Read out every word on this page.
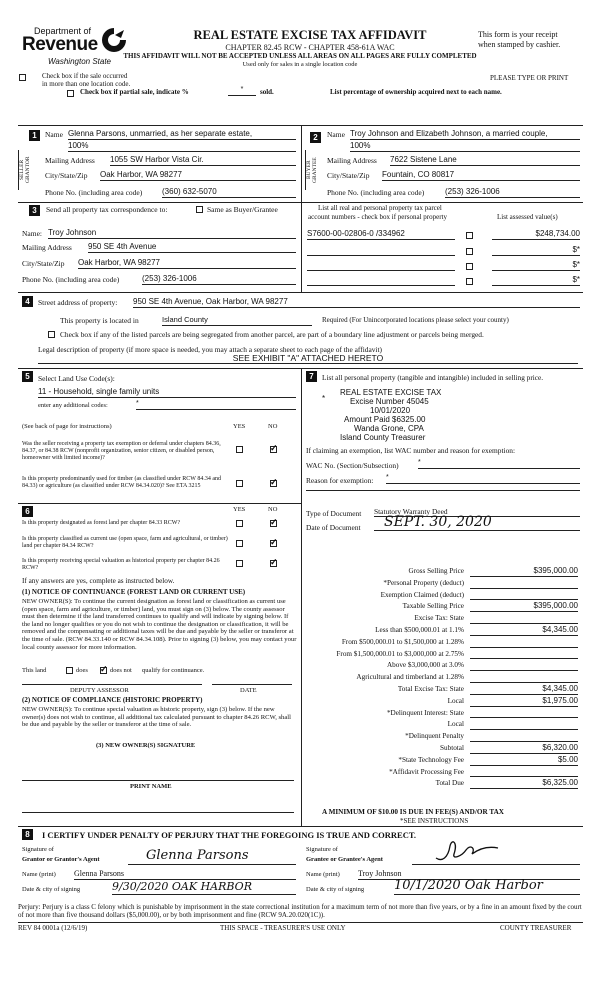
Department of
Revenue
Washington State
REAL ESTATE EXCISE TAX AFFIDAVIT
CHAPTER 82.45 RCW - CHAPTER 458-61A WAC
This form is your receipt
when stamped by cashier.
THIS AFFIDAVIT WILL NOT BE ACCEPTED UNLESS ALL AREAS ON ALL PAGES ARE FULLY COMPLETED
Used only for sales in a single location code
Check box if the sale occurred
in more than one location code.
PLEASE TYPE OR PRINT
Check box if partial sale, indicate %	*	sold.	List percentage of ownership acquired next to each name.
1
SELLER GRANTOR
Name Glenna Parsons, unmarried, as her separate estate,
100%
Mailing Address 1055 SW Harbor Vista Cir.
City/State/Zip Oak Harbor, WA 98277
Phone No. (including area code) (360) 632-5070
2
BUYER GRANTEE
Name Troy Johnson and Elizabeth Johnson, a married couple,
100%
Mailing Address 7622 Sistene Lane
City/State/Zip Fountain, CO 80817
Phone No. (including area code)	(253) 326-1006
3	Send all property tax correspondence to:	Same as Buyer/Grantee
Name: Troy Johnson
Mailing Address 950 SE 4th Avenue
City/State/Zip Oak Harbor, WA 98277
Phone No. (including area code)	(253) 326-1006
List all real and personal property tax parcel
account numbers - check box if personal property	List assessed value(s)
S7600-00-02806-0 /334962	$248,734.00
$*
$*
$*
4	Street address of property: 950 SE 4th Avenue, Oak Harbor, WA 98277
This property is located in	Island County	Required (For Unincorporated locations please select your county)
Check box if any of the listed parcels are being segregated from another parcel, are part of a boundary line adjustment or parcels being merged.
Legal description of property (if more space is needed, you may attach a separate sheet to each page of the affidavit)
SEE EXHIBIT "A" ATTACHED HERETO
5	Select Land Use Code(s):
11 - Household, single family units
enter any additional codes:	*
(See back of page for instructions)	YES	NO
Was the seller receiving a property tax exemption or deferral under chapters 84.36, 84.37, or 84.38 RCW (nonprofit organization, senior citizen, or disabled person, homeowner with limited income)?
✓
Is this property predominantly used for timber (as classified under RCW 84.34 and 84.33) or agriculture (as classified under RCW 84.34.020)? See ETA 3215
✓
6	YES	NO
Is this property designated as forest land per chapter 84.33 RCW?
✓
Is this property classified as current use (open space, farm and agricultural, or timber) land per chapter 84.34 RCW?
✓
Is this property receiving special valuation as historical property per chapter 84.26 RCW?
✓
If any answers are yes, complete as instructed below.
(1) NOTICE OF CONTINUANCE (FOREST LAND OR CURRENT USE)
NEW OWNER(S): To continue the current designation as forest land or classification as current use (open space, farm and agriculture, or timber) land, you must sign on (3) below. The county assessor must then determine if the land transferred continues to qualify and will indicate by signing below. If the land no longer qualifies or you do not wish to continue the designation or classification, it will be removed and the compensating or additional taxes will be due and payable by the seller or transferor at the time of sale. (RCW 84.33.140 or RCW 84.34.108). Prior to signing (3) below, you may contact your local county assessor for more information.
This land	does
✓	does not qualify for continuance.
DEPUTY ASSESSOR	DATE
(2) NOTICE OF COMPLIANCE (HISTORIC PROPERTY)
NEW OWNER(S): To continue special valuation as historic property, sign (3) below. If the new owner(s) does not wish to continue, all additional tax calculated pursuant to chapter 84.26 RCW, shall be due and payable by the seller or transferor at the time of sale.
(3) NEW OWNER(S) SIGNATURE
PRINT NAME
7	List all personal property (tangible and intangible) included in selling price.
*
REAL ESTATE EXCISE TAX
Excise Number 45045
10/01/2020
Amount Paid $6325.00
Wanda Grone, CPA
Island County Treasurer
If claiming an exemption, list WAC number and reason for exemption:
WAC No. (Section/Subsection)	*
Reason for exemption: *
Type of Document Statutory Warranty Deed
Date of Document	SEPT. 30, 2020
Gross Selling Price	$395,000.00
*Personal Property (deduct)
Exemption Claimed (deduct)
Taxable Selling Price	$395,000.00
Excise Tax: State
Less than $500,000.01 at 1.1%	$4,345.00
From $500,000.01 to $1,500,000 at 1.28%
From $1,500,000.01 to $3,000,000 at 2.75%
Above $3,000,000 at 3.0%
Agricultural and timberland at 1.28%
Total Excise Tax: State	$4,345.00
Local	$1,975.00
*Delinquent Interest: State
Local
*Delinquent Penalty
Subtotal	$6,320.00
*State Technology Fee	$5.00
*Affidavit Processing Fee
Total Due	$6,325.00
A MINIMUM OF $10.00 IS DUE IN FEE(S) AND/OR TAX
*SEE INSTRUCTIONS
8	I CERTIFY UNDER PENALTY OF PERJURY THAT THE FOREGOING IS TRUE AND CORRECT.
Signature of
Grantor or Grantor's Agent	Glenna Parsons
Name (print) Glenna Parsons
Date & city of signing	9/30/2020 OAK HARBOR
Signature of
Grantee or Grantee's Agent
Name (print) Troy Johnson
Date & city of signing 10/1/2020 Oak Harbor
Perjury: Perjury is a class C felony which is punishable by imprisonment in the state correctional institution for a maximum term of not more than five years, or by a fine in an amount fixed by the court of not more than five thousand dollars ($5,000.00), or by both imprisonment and fine (RCW 9A.20.020(1C)).
REV 84 0001a (12/6/19)	THIS SPACE - TREASURER'S USE ONLY	COUNTY TREASURER
